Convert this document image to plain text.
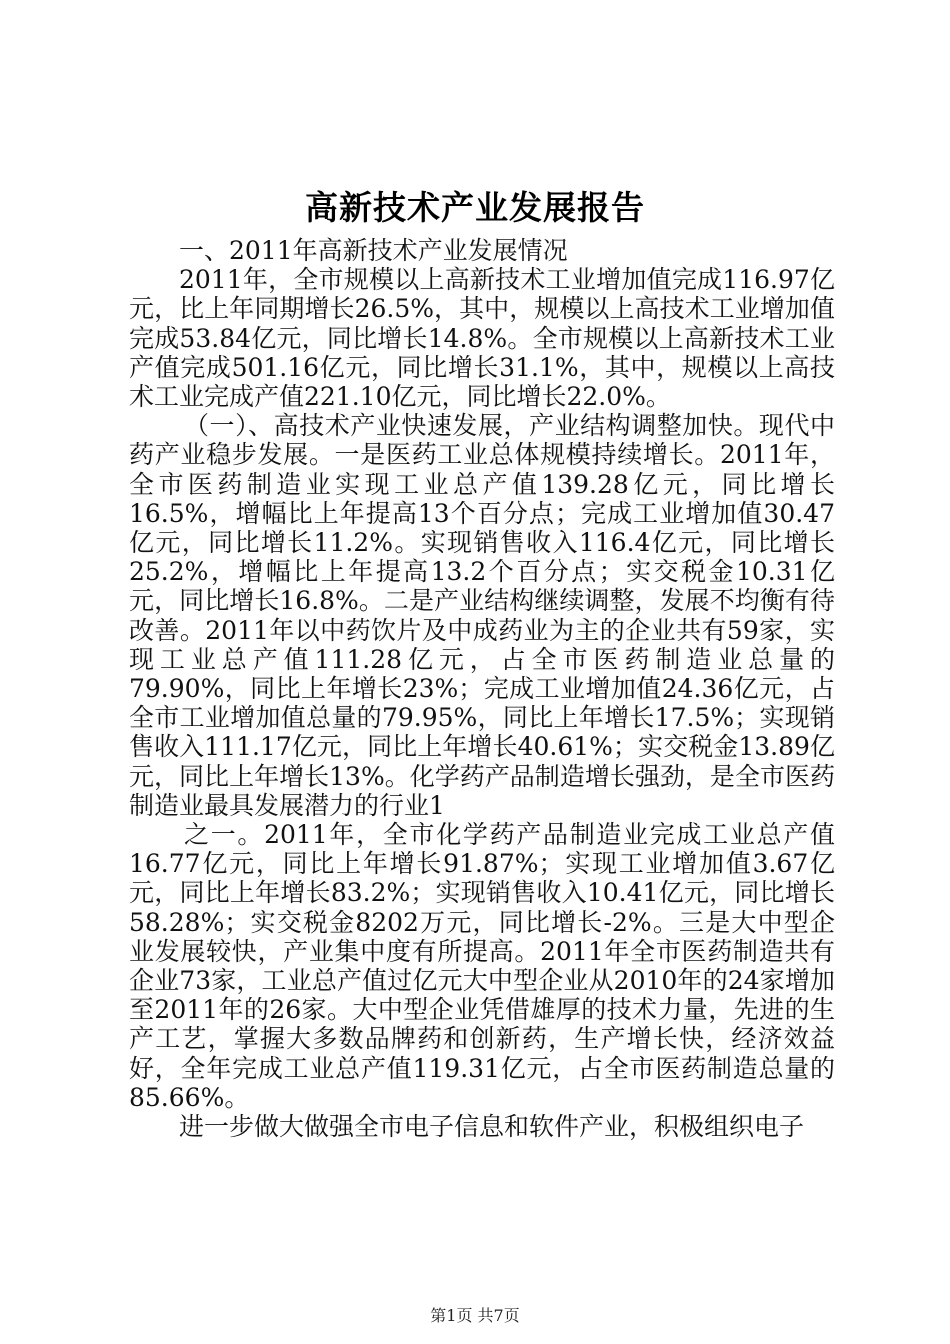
高新技术产业发展报告

一、2011年高新技术产业发展情况

2011年，全市规模以上高新技术工业增加值完成116.97亿元，比上年同期增长26.5%，其中，规模以上高技术工业增加值完成53.84亿元，同比增长14.8%。全市规模以上高新技术工业产值完成501.16亿元，同比增长31.1%，其中，规模以上高技术工业完成产值221.10亿元，同比增长22.0%。

（一）、高技术产业快速发展，产业结构调整加快。现代中药产业稳步发展。一是医药工业总体规模持续增长。2011年，全市医药制造业实现工业总产值139.28亿元，同比增长16.5%，增幅比上年提高13个百分点；完成工业增加值30.47亿元，同比增长11.2%。实现销售收入116.4亿元，同比增长25.2%，增幅比上年提高13.2个百分点；实交税金10.31亿元，同比增长16.8%。二是产业结构继续调整，发展不均衡有待改善。2011年以中药饮片及中成药业为主的企业共有59家，实现工业总产值111.28亿元，占全市医药制造业总量的79.90%，同比上年增长23%；完成工业增加值24.36亿元，占全市工业增加值总量的79.95%，同比上年增长17.5%；实现销售收入111.17亿元，同比上年增长40.61%；实交税金13.89亿元，同比上年增长13%。化学药产品制造增长强劲，是全市医药制造业最具发展潜力的行业1

之一。2011年，全市化学药产品制造业完成工业总产值16.77亿元，同比上年增长91.87%；实现工业增加值3.67亿元，同比上年增长83.2%；实现销售收入10.41亿元，同比增长58.28%；实交税金8202万元，同比增长-2%。三是大中型企业发展较快，产业集中度有所提高。2011年全市医药制造共有企业73家，工业总产值过亿元大中型企业从2010年的24家增加至2011年的26家。大中型企业凭借雄厚的技术力量，先进的生产工艺，掌握大多数品牌药和创新药，生产增长快，经济效益好，全年完成工业总产值119.31亿元，占全市医药制造总量的85.66%。

进一步做大做强全市电子信息和软件产业，积极组织电子

第1页 共7页
